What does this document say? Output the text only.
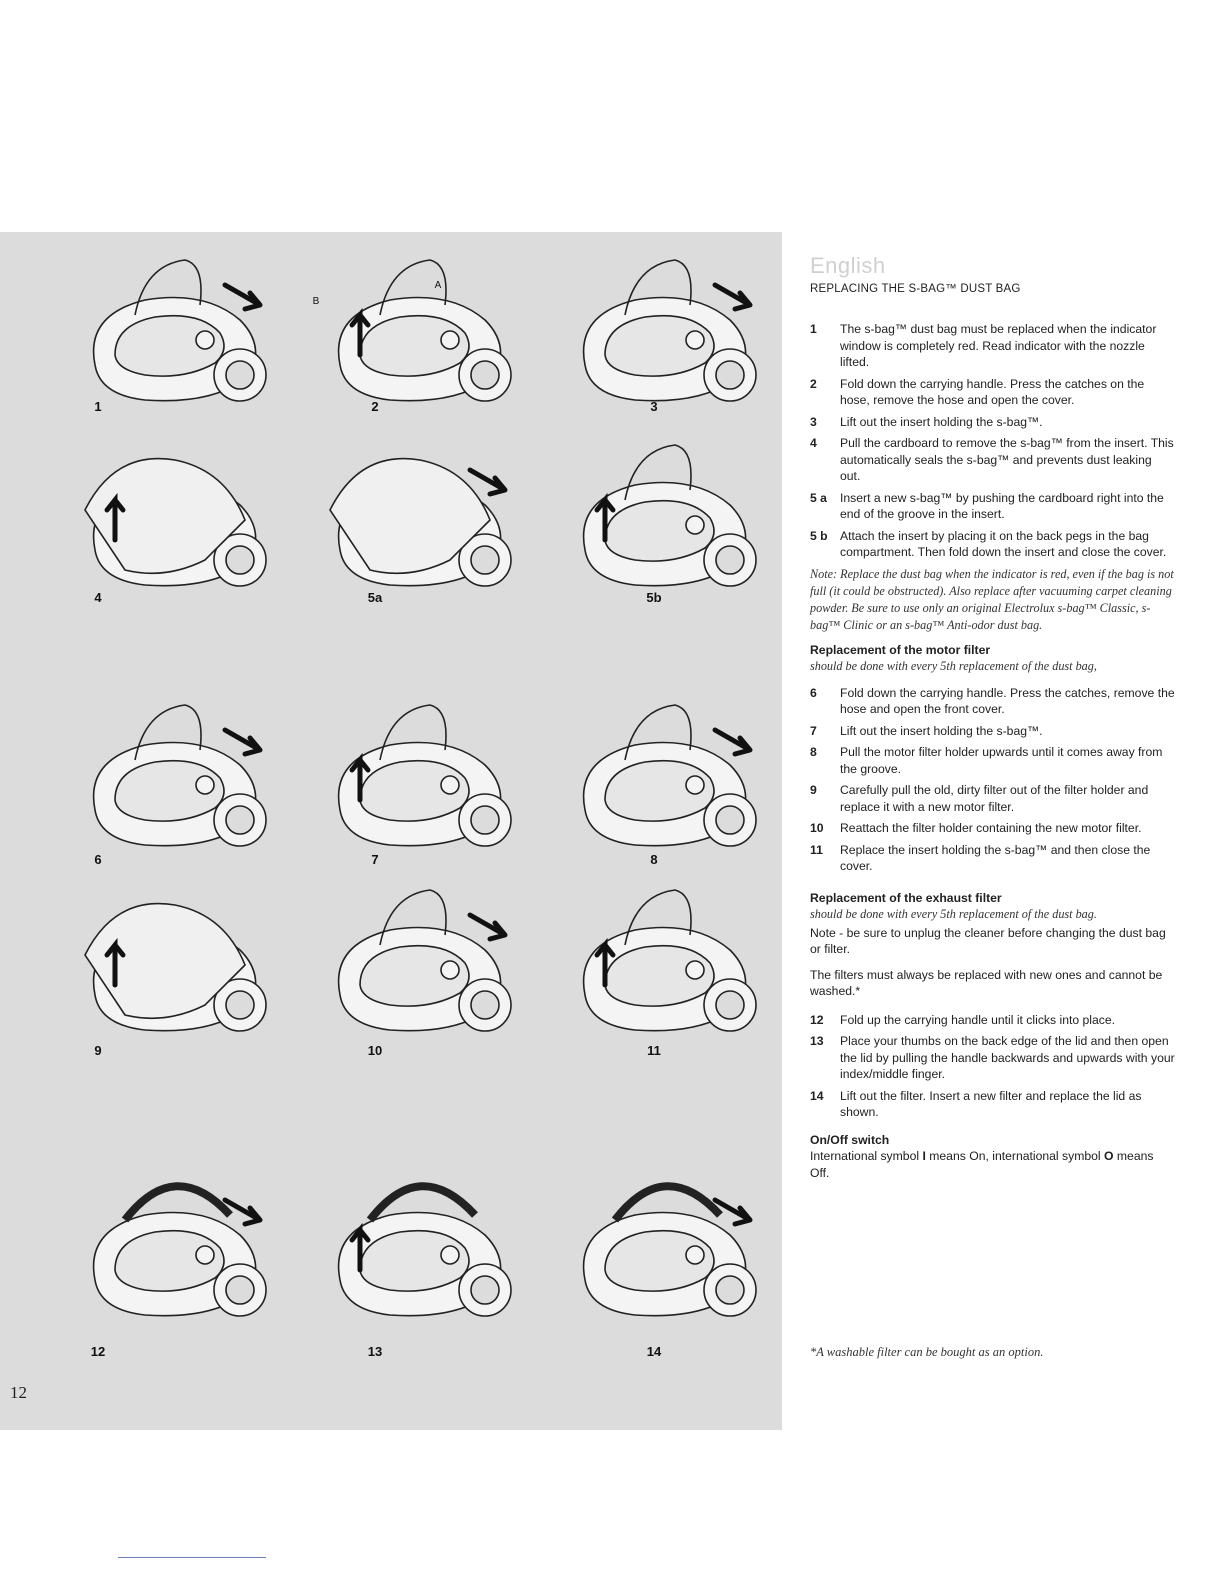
1	2	3
4	5a	5b
6	7	8
9	10	11
12	13	14
A
B
English
REPLACING THE S-BAG™ DUST BAG
1	The s-bag™ dust bag must be replaced when the indicator window is completely red. Read indicator with the nozzle lifted.
2	Fold down the carrying handle. Press the catches on the hose, remove the hose and open the cover.
3	Lift out the insert holding the s-bag™.
4	Pull the cardboard to remove the s-bag™ from the insert. This automatically seals the s-bag™ and prevents dust leaking out.
5 a	Insert a new s-bag™ by pushing the cardboard right into the end of the groove in the insert.
5 b	Attach the insert by placing it on the back pegs in the bag compartment. Then fold down the insert and close the cover.

Note: Replace the dust bag when the indicator is red, even if the bag is not full (it could be obstructed). Also replace after vacuuming carpet cleaning powder. Be sure to use only an original Electrolux s-bag™ Classic, s-bag™ Clinic or an s-bag™ Anti-odor dust bag.

Replacement of the motor filter

should be done with every 5th replacement of the dust bag,

6	Fold down the carrying handle. Press the catches, remove the hose and open the front cover.
7	Lift out the insert holding the s-bag™.
8	Pull the motor filter holder upwards until it comes away from the groove.
9	Carefully pull the old, dirty filter out of the filter holder and replace it with a new motor filter.
10	Reattach the filter holder containing the new motor filter.
11	Replace the insert holding the s-bag™ and then close the cover.

Replacement of the exhaust filter

should be done with every 5th replacement of the dust bag.

Note - be sure to unplug the cleaner before changing the dust bag or filter.

The filters must always be replaced with new ones and cannot be washed.*

12	Fold up the carrying handle until it clicks into place.
13	Place your thumbs on the back edge of the lid and then open the lid by pulling the handle backwards and upwards with your index/middle finger.
14	Lift out the filter. Insert a new filter and replace the lid as shown.

On/Off switch

International symbol I means On, international symbol O means Off.

*A washable filter can be bought as an option.
12
